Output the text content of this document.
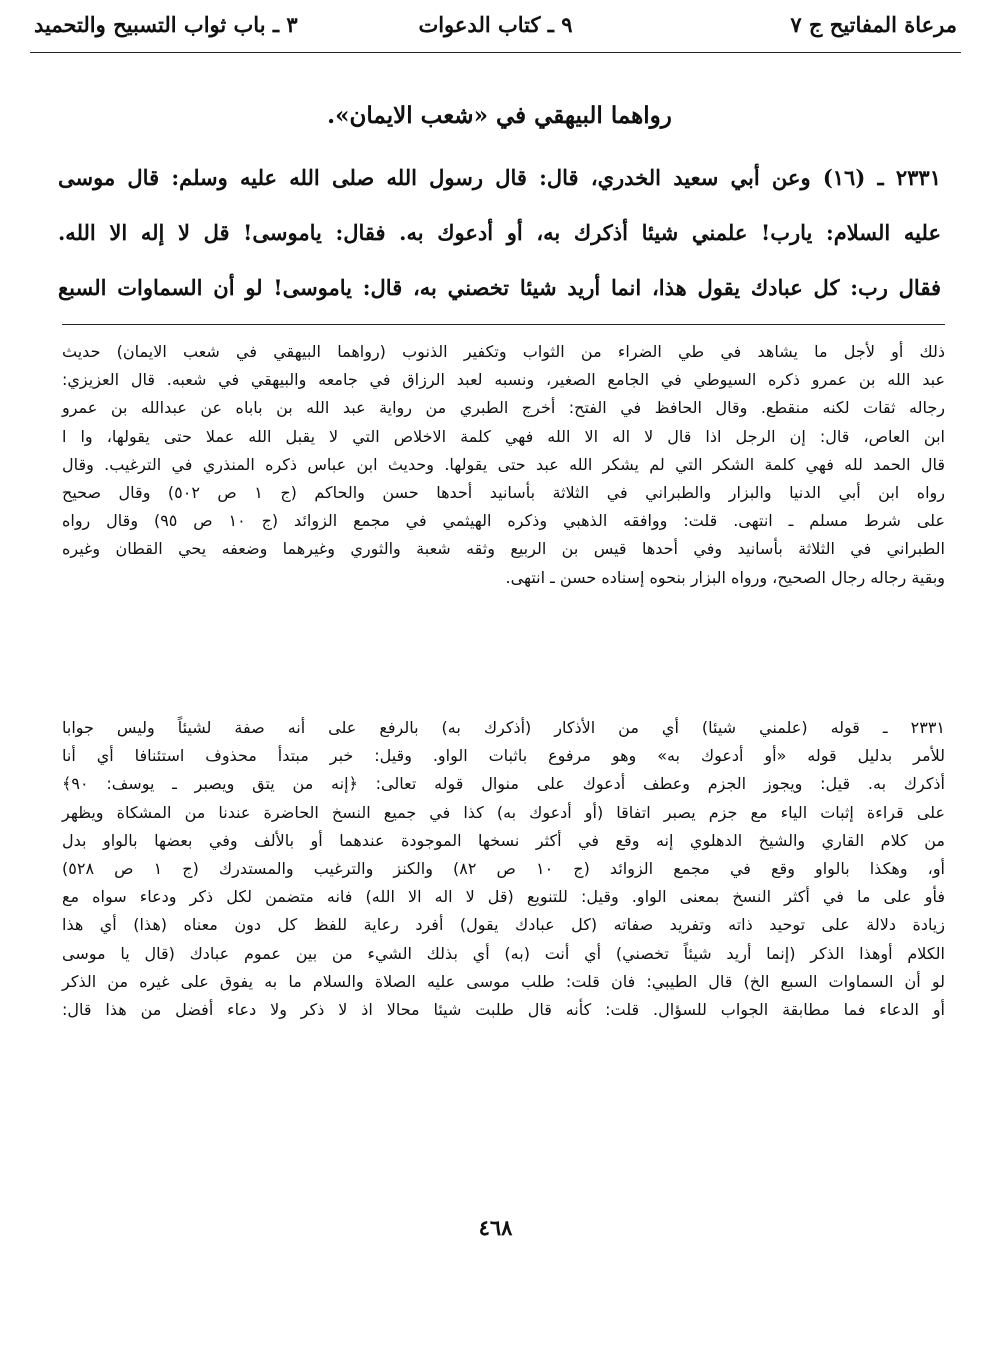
مرعاة المفاتيح ج ٧
٩ ـ كتاب الدعوات
٣ ـ باب ثواب التسبيح والتحميد
رواهما البيهقي في «شعب الايمان».

٢٣٣١ ـ (١٦) وعن أبي سعيد الخدري، قال: قال رسول الله صلى الله عليه وسلم: قال موسى

عليه السلام: يارب! علمني شيئا أذكرك به، أو أدعوك به. فقال: ياموسى! قل لا إله الا الله.

فقال رب: كل عبادك يقول هذا، انما أريد شيئا تخصني به، قال: ياموسى! لو أن السماوات السبع

ذلك أو لأجل ما يشاهد في طي الضراء من الثواب وتكفير الذنوب (رواهما البيهقي في شعب الايمان) حديث

عبد الله بن عمرو ذكره السيوطي في الجامع الصغير، ونسبه لعبد الرزاق في جامعه والبيهقي في شعبه. قال العزيزي:

رجاله ثقات لكنه منقطع. وقال الحافظ في الفتح: أخرج الطبري من رواية عبد الله بن باباه عن عبدالله بن عمرو

ابن العاص، قال: إن الرجل اذا قال لا اله الا الله فهي كلمة الاخلاص التي لا يقبل الله عملا حتى يقولها، وا ا

قال الحمد لله فهي كلمة الشكر التي لم يشكر الله عبد حتى يقولها. وحديث ابن عباس ذكره المنذري في الترغيب. وقال

رواه ابن أبي الدنيا والبزار والطبراني في الثلاثة بأسانيد أحدها حسن والحاكم (ج ١ ص ٥٠٢) وقال صحيح

على شرط مسلم ـ انتهى. قلت: ووافقه الذهبي وذكره الهيثمي في مجمع الزوائد (ج ١٠ ص ٩٥) وقال رواه

الطبراني في الثلاثة بأسانيد وفي أحدها قيس بن الربيع وثقه شعبة والثوري وغيرهما وضعفه يحي القطان وغيره

وبقية رجاله رجال الصحيح، ورواه البزار بنحوه إسناده حسن ـ انتهى.

٢٣٣١ ـ قوله (علمني شيئا) أي من الأذكار (أذكرك به) بالرفع على أنه صفة لشيئاً وليس جوابا

للأمر بدليل قوله «أو أدعوك به» وهو مرفوع باثبات الواو. وقيل: خبر مبتدأ محذوف استئنافا أي أنا

أذكرك به. قيل: ويجوز الجزم وعطف أدعوك على منوال قوله تعالى: ﴿إنه من يتق ويصبر ـ يوسف: ٩٠﴾

على قراءة إثبات الياء مع جزم يصبر اتفاقا (أو أدعوك به) كذا في جميع النسخ الحاضرة عندنا من المشكاة ويظهر

من كلام القاري والشيخ الدهلوي إنه وقع في أكثر نسخها الموجودة عندهما أو بالألف وفي بعضها بالواو بدل

أو، وهكذا بالواو وقع في مجمع الزوائد (ج ١٠ ص ٨٢) والكنز والترغيب والمستدرك (ج ١ ص ٥٢٨)

فأو على ما في أكثر النسخ بمعنى الواو. وقيل: للتنويع (قل لا اله الا الله) فانه متضمن لكل ذكر ودعاء سواه مع

زيادة دلالة على توحيد ذاته وتفريد صفاته (كل عبادك يقول) أفرد رعاية للفظ كل دون معناه (هذا) أي هذا

الكلام أوهذا الذكر (إنما أريد شيئاً تخصني) أي أنت (به) أي بذلك الشيء من بين عموم عبادك (قال يا موسى

لو أن السماوات السبع الخ) قال الطيبي: فان قلت: طلب موسى عليه الصلاة والسلام ما به يفوق على غيره من الذكر

أو الدعاء فما مطابقة الجواب للسؤال. قلت: كأنه قال طلبت شيئا محالا اذ لا ذكر ولا دعاء أفضل من هذا قال:

٤٦٨
